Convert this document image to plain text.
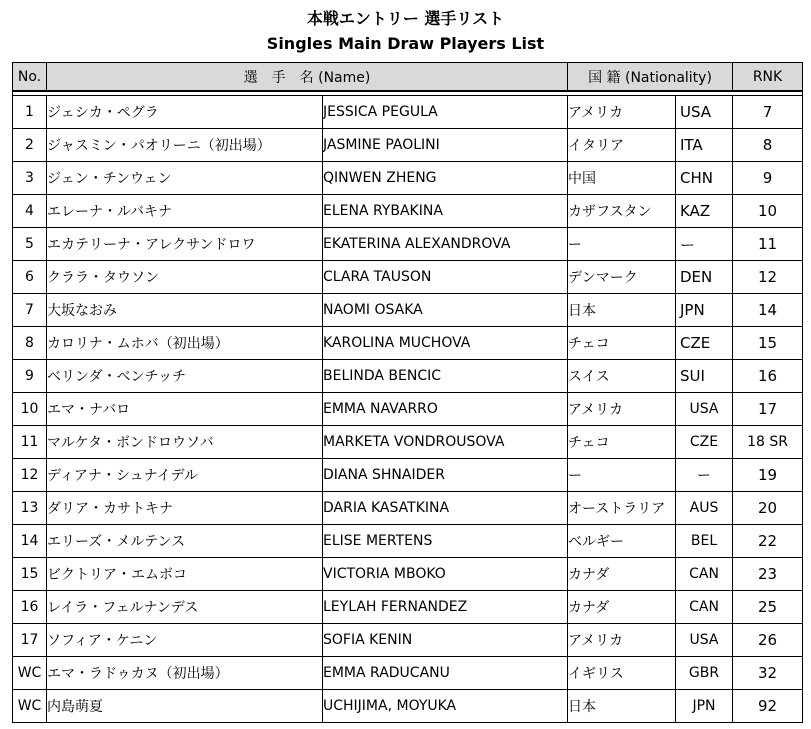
本戦エントリー 選手リスト
Singles Main Draw Players List
No.	選　手　名 (Name)		国 籍 (Nationality)		RNK

1	ジェシカ・ペグラ	JESSICA PEGULA	アメリカ	USA	7
2	ジャスミン・パオリーニ（初出場）	JASMINE PAOLINI	イタリア	ITA	8
3	ジェン・チンウェン	QINWEN ZHENG	中国	CHN	9
4	エレーナ・ルバキナ	ELENA RYBAKINA	カザフスタン	KAZ	10
5	エカテリーナ・アレクサンドロワ	EKATERINA ALEXANDROVA	ー	ー	11
6	クララ・タウソン	CLARA TAUSON	デンマーク	DEN	12
7	大坂なおみ	NAOMI OSAKA	日本	JPN	14
8	カロリナ・ムホバ（初出場）	KAROLINA MUCHOVA	チェコ	CZE	15
9	ベリンダ・ベンチッチ	BELINDA BENCIC	スイス	SUI	16
10	エマ・ナバロ	EMMA NAVARRO	アメリカ	USA	17
11	マルケタ・ボンドロウソバ	MARKETA VONDROUSOVA	チェコ	CZE	18 SR
12	ディアナ・シュナイデル	DIANA SHNAIDER	ー	ー	19
13	ダリア・カサトキナ	DARIA KASATKINA	オーストラリア	AUS	20
14	エリーズ・メルテンス	ELISE MERTENS	ベルギー	BEL	22
15	ビクトリア・エムボコ	VICTORIA MBOKO	カナダ	CAN	23
16	レイラ・フェルナンデス	LEYLAH FERNANDEZ	カナダ	CAN	25
17	ソフィア・ケニン	SOFIA KENIN	アメリカ	USA	26
WC	エマ・ラドゥカヌ（初出場）	EMMA RADUCANU	イギリス	GBR	32
WC	内島萌夏	UCHIJIMA, MOYUKA	日本	JPN	92
